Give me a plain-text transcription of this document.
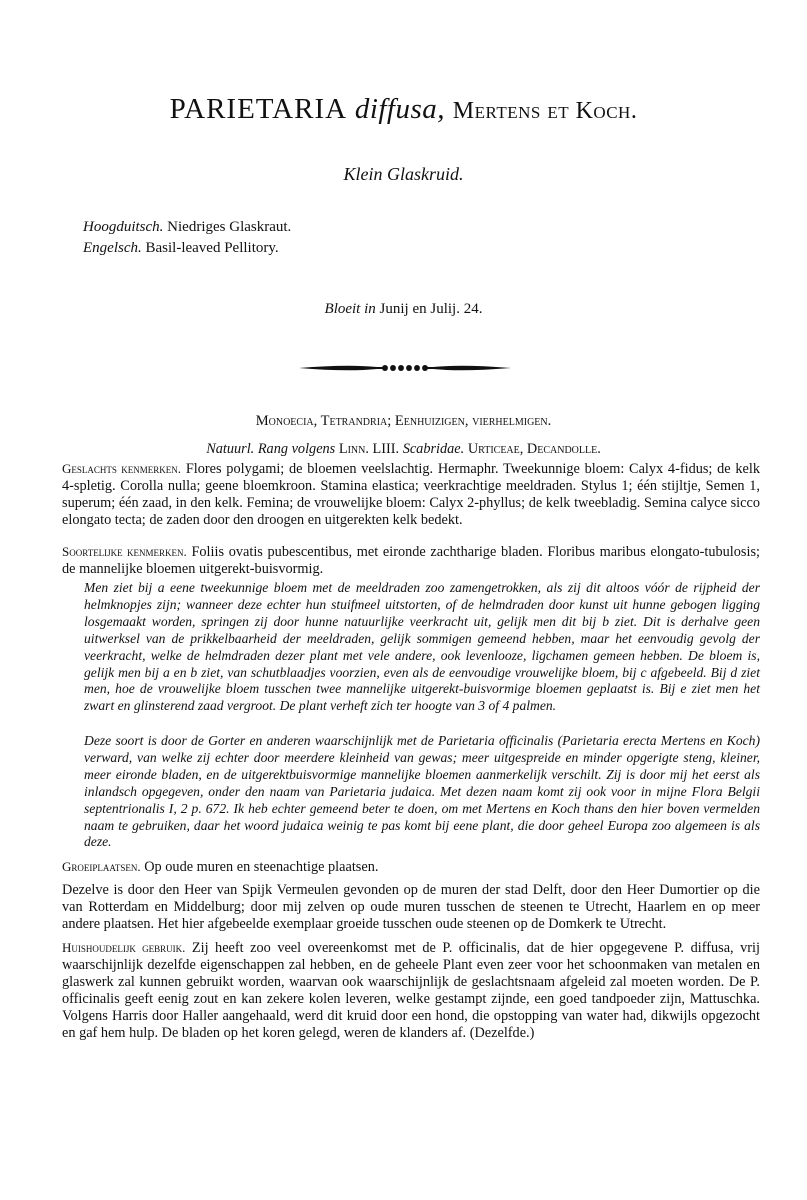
PARIETARIA diffusa, Mertens et Koch.
Klein Glaskruid.
Hoogduitsch. Niedriges Glaskraut.
Engelsch. Basil-leaved Pellitory.
Bloeit in Junij en Julij. 24.
Monoecia, Tetrandria; Eenhuizigen, vierhelmigen.
Natuurl. Rang volgens Linn. LIII. Scabridae. Urticeae, Decandolle.
Geslachts kenmerken. Flores polygami; de bloemen veelslachtig. Hermaphr. Tweekunnige bloem: Calyx 4-fidus; de kelk 4-spletig. Corolla nulla; geene bloemkroon. Stamina elastica; veerkrachtige meeldraden. Stylus 1; één stijltje, Semen 1, superum; één zaad, in den kelk. Femina; de vrouwelijke bloem: Calyx 2-phyllus; de kelk tweebladig. Semina calyce sicco elongato tecta; de zaden door den droogen en uitgerekten kelk bedekt.
Soortelijke kenmerken. Foliis ovatis pubescentibus, met eironde zachtharige bladen. Floribus maribus elongato-tubulosis; de mannelijke bloemen uitgerekt-buisvormig.
Men ziet bij a eene tweekunnige bloem met de meeldraden zoo zamengetrokken, als zij dit altoos vóór de rijpheid der helmknopjes zijn; wanneer deze echter hun stuifmeel uitstorten, of de helmdraden door kunst uit hunne gebogen ligging losgemaakt worden, springen zij door hunne natuurlijke veerkracht uit, gelijk men dit bij b ziet. Dit is derhalve geen uitwerksel van de prikkelbaarheid der meeldraden, gelijk sommigen gemeend hebben, maar het eenvoudig gevolg der veerkracht, welke de helmdraden dezer plant met vele andere, ook levenlooze, ligchamen gemeen hebben. De bloem is, gelijk men bij a en b ziet, van schutblaadjes voorzien, even als de eenvoudige vrouwelijke bloem, bij c afgebeeld. Bij d ziet men, hoe de vrouwelijke bloem tusschen twee mannelijke uitgerekt-buisvormige bloemen geplaatst is. Bij e ziet men het zwart en glinsterend zaad vergroot. De plant verheft zich ter hoogte van 3 of 4 palmen.
Deze soort is door de Gorter en anderen waarschijnlijk met de Parietaria officinalis (Parietaria erecta Mertens en Koch) verward, van welke zij echter door meerdere kleinheid van gewas; meer uitgespreide en minder opgerigte steng, kleiner, meer eironde bladen, en de uitgerektbuisvormige mannelijke bloemen aanmerkelijk verschilt. Zij is door mij het eerst als inlandsch opgegeven, onder den naam van Parietaria judaica. Met dezen naam komt zij ook voor in mijne Flora Belgii septentrionalis I, 2 p. 672. Ik heb echter gemeend beter te doen, om met Mertens en Koch thans den hier boven vermelden naam te gebruiken, daar het woord judaica weinig te pas komt bij eene plant, die door geheel Europa zoo algemeen is als deze.
Groeiplaatsen. Op oude muren en steenachtige plaatsen.
Dezelve is door den Heer van Spijk Vermeulen gevonden op de muren der stad Delft, door den Heer Dumortier op die van Rotterdam en Middelburg; door mij zelven op oude muren tusschen de steenen te Utrecht, Haarlem en op meer andere plaatsen. Het hier afgebeelde exemplaar groeide tusschen oude steenen op de Domkerk te Utrecht.
Huishoudelijk gebruik. Zij heeft zoo veel overeenkomst met de P. officinalis, dat de hier opgegevene P. diffusa, vrij waarschijnlijk dezelfde eigenschappen zal hebben, en de geheele Plant even zeer voor het schoonmaken van metalen en glaswerk zal kunnen gebruikt worden, waarvan ook waarschijnlijk de geslachtsnaam afgeleid zal moeten worden. De P. officinalis geeft eenig zout en kan zekere kolen leveren, welke gestampt zijnde, een goed tandpoeder zijn, Mattuschka. Volgens Harris door Haller aangehaald, werd dit kruid door een hond, die opstopping van water had, dikwijls opgezocht en gaf hem hulp. De bladen op het koren gelegd, weren de klanders af. (Dezelfde.)
